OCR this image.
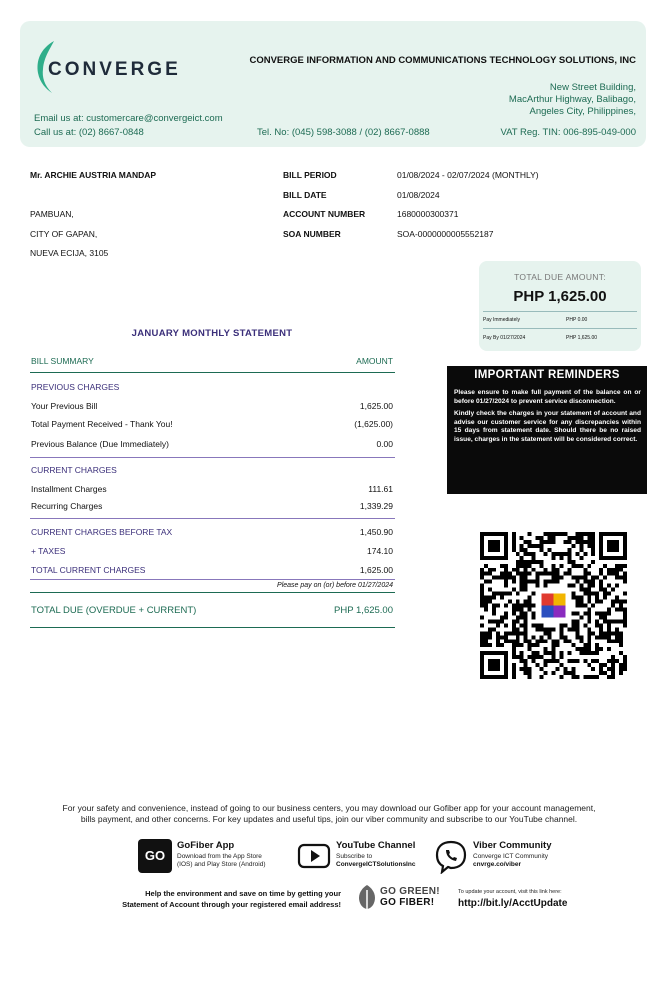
CONVERGE	CONVERGE INFORMATION AND COMMUNICATIONS TECHNOLOGY SOLUTIONS, INC
New Street Building,
MacArthur Highway, Balibago,
Angeles City, Philippines,
Email us at: customercare@convergeict.com
Call us at: (02) 8667-0848	Tel. No: (045) 598-3088 / (02) 8667-0888	VAT Reg. TIN: 006-895-049-000
Mr. ARCHIE AUSTRIA MANDAP
PAMBUAN,
CITY OF GAPAN,
NUEVA ECIJA, 3105
BILL PERIOD	01/08/2024 - 02/07/2024 (MONTHLY)
BILL DATE	01/08/2024
ACCOUNT NUMBER	1680000300371
SOA NUMBER	SOA-0000000005552187
TOTAL DUE AMOUNT:
PHP 1,625.00
Pay Immediately	PHP 0.00
Pay By 01/27/2024	PHP 1,625.00
JANUARY MONTHLY STATEMENT
BILL SUMMARY	AMOUNT
PREVIOUS CHARGES
Your Previous Bill	1,625.00
Total Payment Received - Thank You!	(1,625.00)
Previous Balance (Due Immediately)	0.00
CURRENT CHARGES
Installment Charges	111.61
Recurring Charges	1,339.29
CURRENT CHARGES BEFORE TAX	1,450.90
+ TAXES	174.10
TOTAL CURRENT CHARGES	1,625.00
Please pay on (or) before 01/27/2024
TOTAL DUE (OVERDUE + CURRENT)	PHP 1,625.00
IMPORTANT REMINDERS

Please ensure to make full payment of the balance on or before 01/27/2024 to prevent service disconnection.

Kindly check the charges in your statement of account and advise our customer service for any discrepancies within 15 days from statement date. Should there be no raised issue, charges in the statement will be considered correct.

For your safety and convenience, instead of going to our business centers, you may download our Gofiber app for your account management,
bills payment, and other concerns. For key updates and useful tips, join our viber community and subscribe to our YouTube channel.
GO
GoFiber App
Download from the App Store
(IOS) and Play Store (Android)
YouTube Channel
Subscribe to
ConvergeICTSolutionsInc
Viber Community
Converge ICT Community
cnvrge.co/viber
Help the environment and save on time by getting your
Statement of Account through your registered email address!
GO GREEN!
GO FIBER!
To update your account, visit this link here:
http://bit.ly/AcctUpdate
